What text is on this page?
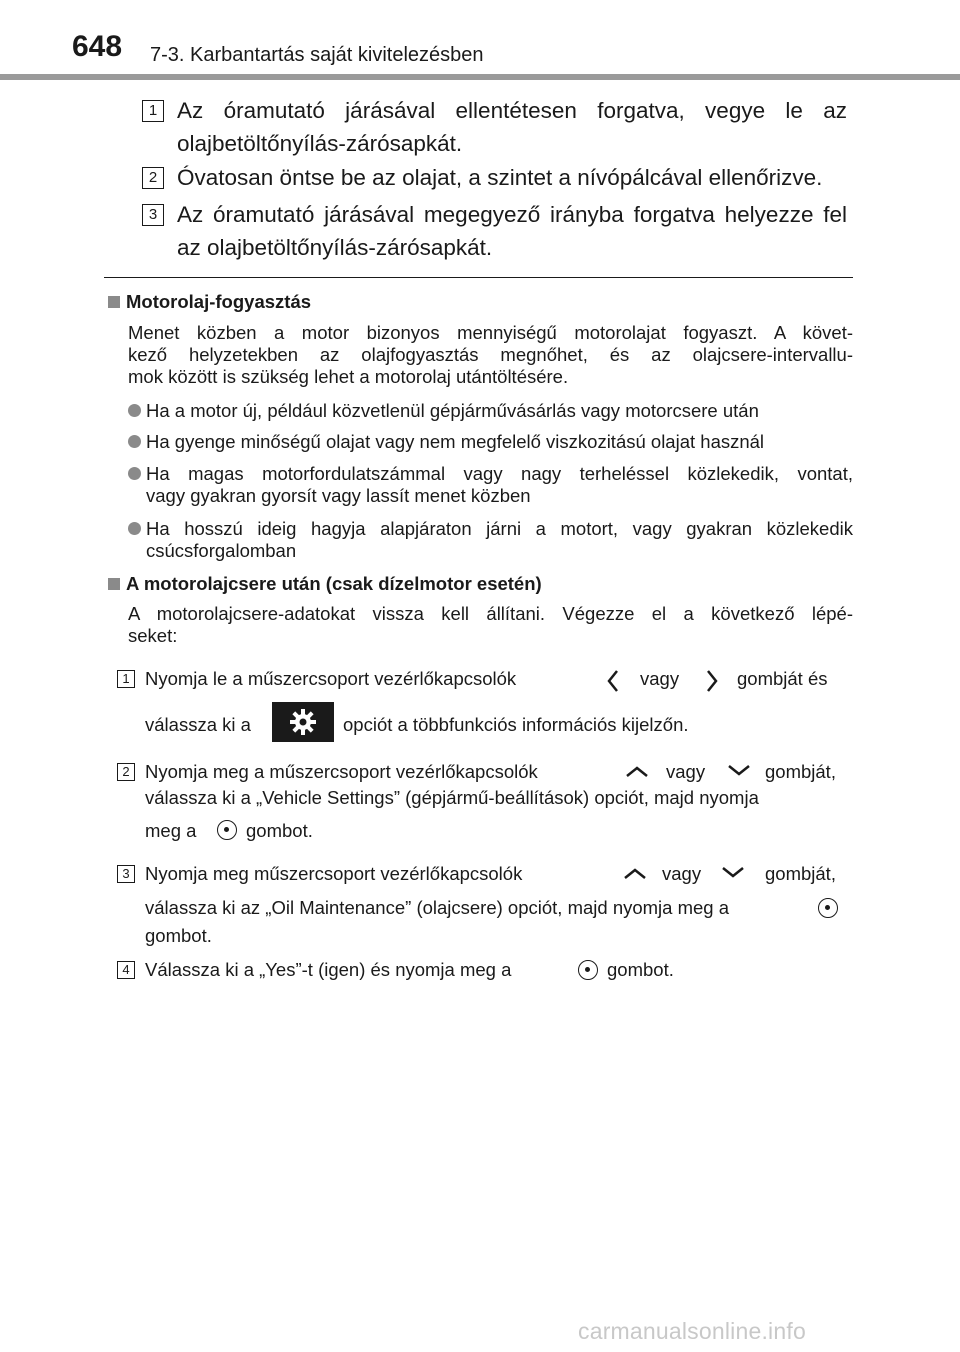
648 7-3. Karbantartás saját kivitelezésben
1 Az óramutató járásával ellentétesen forgatva, vegye le az
olajbetöltőnyílás-zárósapkát.
2 Óvatosan öntse be az olajat, a szintet a nívópálcával ellenőrizve.
3 Az óramutató járásával megegyező irányba forgatva helyezze fel
az olajbetöltőnyílás-zárósapkát.
Motorolaj-fogyasztás
Menet közben a motor bizonyos mennyiségű motorolajat fogyaszt. A követ-
kező helyzetekben az olajfogyasztás megnőhet, és az olajcsere-intervallu-
mok között is szükség lehet a motorolaj utántöltésére.
Ha a motor új, például közvetlenül gépjárművásárlás vagy motorcsere után
Ha gyenge minőségű olajat vagy nem megfelelő viszkozitású olajat használ
Ha magas motorfordulatszámmal vagy nagy terheléssel közlekedik, vontat,
vagy gyakran gyorsít vagy lassít menet közben
Ha hosszú ideig hagyja alapjáraton járni a motort, vagy gyakran közlekedik
csúcsforgalomban
A motorolajcsere után (csak dízelmotor esetén)
A motorolajcsere-adatokat vissza kell állítani. Végezze el a következő lépé-
seket:
1 Nyomja le a műszercsoport vezérlőkapcsolók	vagy	gombját és
válassza ki a	opciót a többfunkciós információs kijelzőn.
2 Nyomja meg a műszercsoport vezérlőkapcsolók	vagy	gombját,
válassza ki a „Vehicle Settings” (gépjármű-beállítások) opciót, majd nyomja
meg a	gombot.
3 Nyomja meg műszercsoport vezérlőkapcsolók	vagy	gombját,
válassza ki az „Oil Maintenance” (olajcsere) opciót, majd nyomja meg a
gombot.
4 Válassza ki a „Yes”-t (igen) és nyomja meg a	gombot.
carmanualsonline.info
